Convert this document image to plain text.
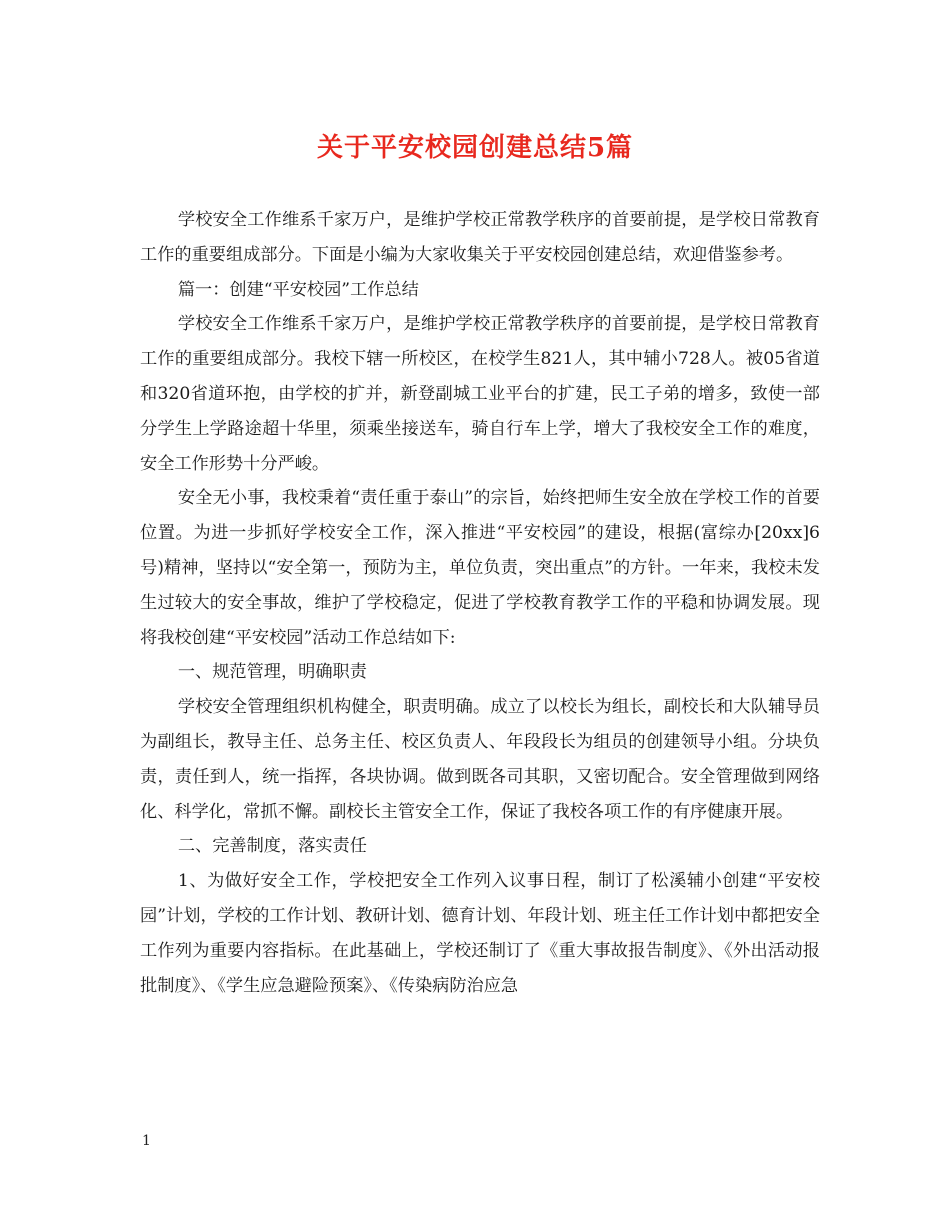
关于平安校园创建总结5篇

学校安全工作维系千家万户，是维护学校正常教学秩序的首要前提，是学校日常教育工作的重要组成部分。下面是小编为大家收集关于平安校园创建总结，欢迎借鉴参考。

篇一：创建“平安校园”工作总结

学校安全工作维系千家万户，是维护学校正常教学秩序的首要前提，是学校日常教育工作的重要组成部分。我校下辖一所校区，在校学生821人，其中辅小728人。被05省道和320省道环抱，由学校的扩并，新登副城工业平台的扩建，民工子弟的增多，致使一部分学生上学路途超十华里，须乘坐接送车，骑自行车上学，增大了我校安全工作的难度，安全工作形势十分严峻。

安全无小事，我校秉着“责任重于泰山”的宗旨，始终把师生安全放在学校工作的首要位置。为进一步抓好学校安全工作，深入推进“平安校园”的建设，根据(富综办[20xx]6号)精神，坚持以“安全第一，预防为主，单位负责，突出重点”的方针。一年来，我校未发生过较大的安全事故，维护了学校稳定，促进了学校教育教学工作的平稳和协调发展。现将我校创建“平安校园”活动工作总结如下:

一、规范管理，明确职责

学校安全管理组织机构健全，职责明确。成立了以校长为组长，副校长和大队辅导员为副组长，教导主任、总务主任、校区负责人、年段段长为组员的创建领导小组。分块负责，责任到人，统一指挥，各块协调。做到既各司其职，又密切配合。安全管理做到网络化、科学化，常抓不懈。副校长主管安全工作，保证了我校各项工作的有序健康开展。

二、完善制度，落实责任

1、为做好安全工作，学校把安全工作列入议事日程，制订了松溪辅小创建“平安校园”计划，学校的工作计划、教研计划、德育计划、年段计划、班主任工作计划中都把安全工作列为重要内容指标。在此基础上，学校还制订了《重大事故报告制度》、《外出活动报批制度》、《学生应急避险预案》、《传染病防治应急

1
